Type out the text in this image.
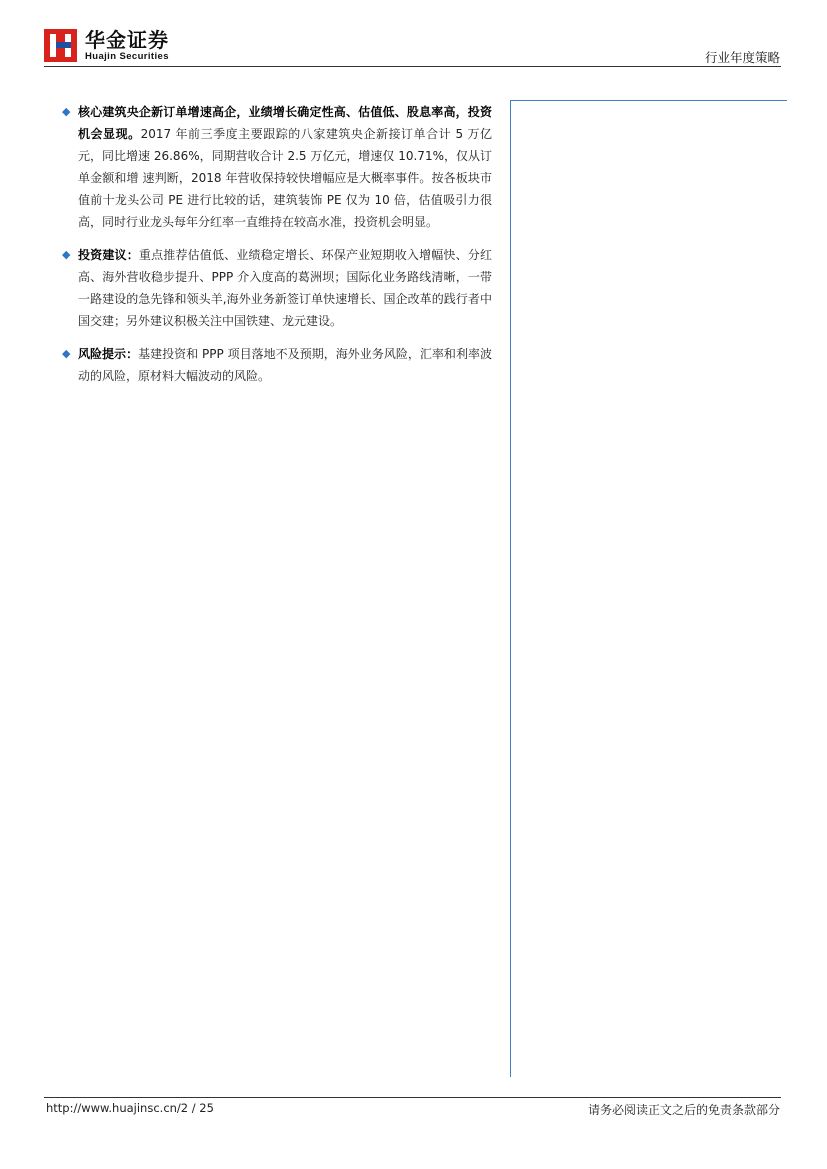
华金证券
Huajin Securities	行业年度策略

◆ 核心建筑央企新订单增速高企，业绩增长确定性高、估值低、股息率高，投资机会显现。2017 年前三季度主要跟踪的八家建筑央企新接订单合计 5 万亿元，同比增速 26.86%，同期营收合计 2.5 万亿元，增速仅 10.71%，仅从订单金额和增 速判断，2018 年营收保持较快增幅应是大概率事件。按各板块市值前十龙头公司 PE 进行比较的话，建筑装饰 PE 仅为 10 倍，估值吸引力很高，同时行业龙头每年分红率一直维持在较高水准，投资机会明显。

◆ 投资建议：重点推荐估值低、业绩稳定增长、环保产业短期收入增幅快、分红高、海外营收稳步提升、PPP 介入度高的葛洲坝；国际化业务路线清晰，一带一路建设的急先锋和领头羊,海外业务新签订单快速增长、国企改革的践行者中国交建；另外建议积极关注中国铁建、龙元建设。

◆ 风险提示：基建投资和 PPP 项目落地不及预期，海外业务风险，汇率和利率波动的风险，原材料大幅波动的风险。

http://www.huajinsc.cn/2 / 25	请务必阅读正文之后的免责条款部分
